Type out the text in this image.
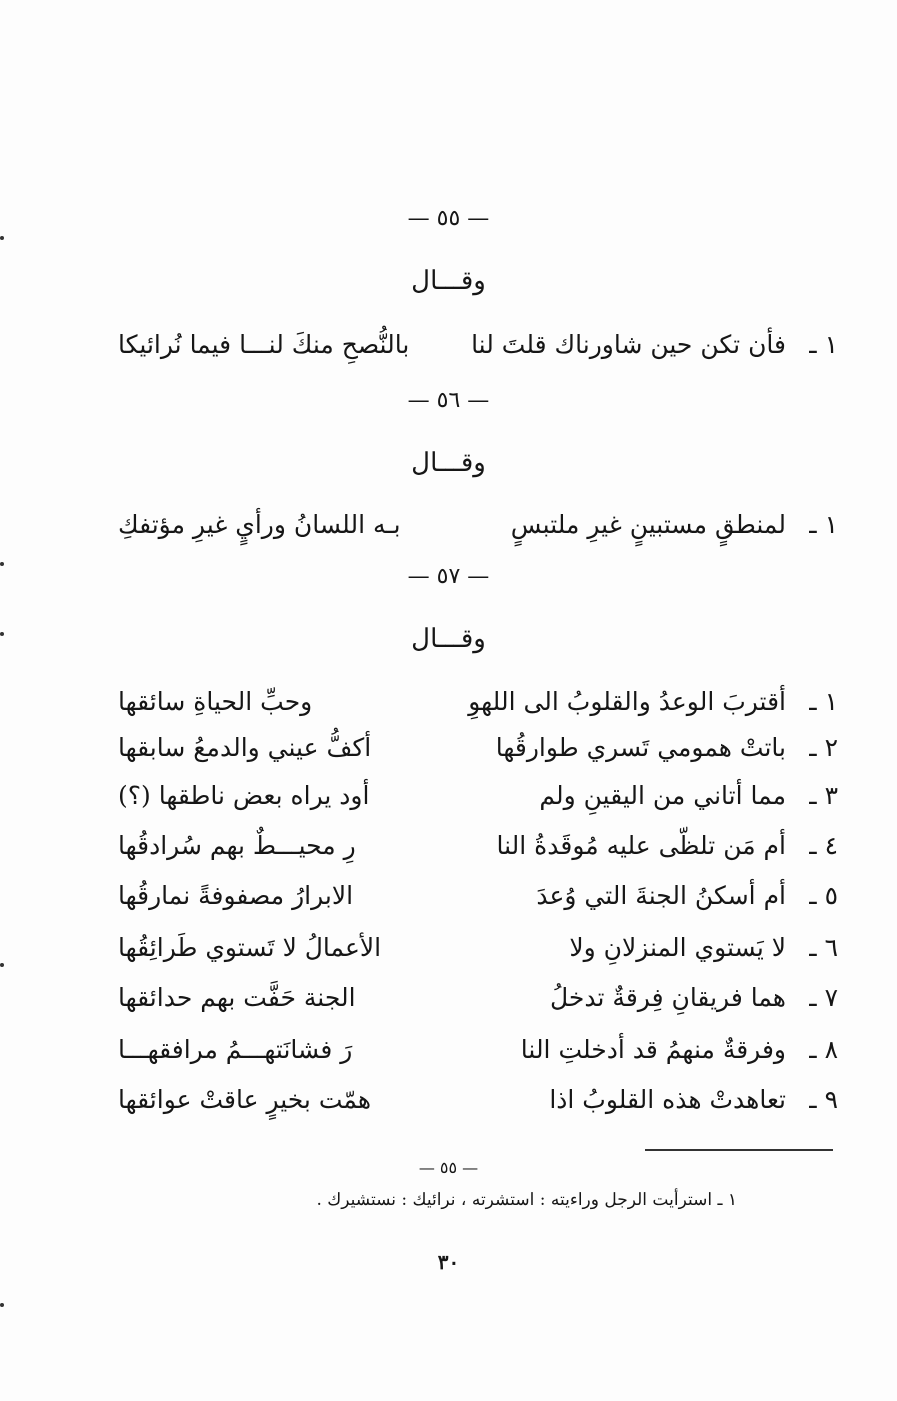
— ٥٥ —
وقـــال
١ ـ
فأن تكن حين شاورناك قلتَ لنا
بالنُّصحِ منكَ لنـــا فيما نُرائيكا
— ٥٦ —
وقـــال
١ ـ
لمنطقٍ مستبينٍ غيرِ ملتبسٍ
بـه اللسانُ ورأيٍ غيرِ مؤتفكِ
— ٥٧ —
وقـــال
١ ـ
أقتربَ الوعدُ والقلوبُ الى اللهوِ
وحبِّ الحياةِ سائقها
٢ ـ
باتتْ همومي تَسري طوارقُها
أكفُّ عيني والدمعُ سابقها
٣ ـ
مما أتاني من اليقينِ ولم
أود يراه بعض ناطقها (؟)
٤ ـ
أم مَن تلظّى عليه مُوقَدةُ النا
رِ محيـــطٌ بهم سُرادقُها
٥ ـ
أم أسكنُ الجنةَ التي وُعدَ
الابرارُ مصفوفةً نمارقُها
٦ ـ
لا يَستوي المنزلانِ ولا
الأعمالُ لا تَستوي طَرائِقُها
٧ ـ
هما فريقانِ فِرقةٌ تدخلُ
الجنة حَفَّت بهم حدائقها
٨ ـ
وفرقةٌ منهمُ قد أدخلتِ النا
رَ فشانَتهـــمُ مرافقهـــا
٩ ـ
تعاهدتْ هذه القلوبُ اذا
همّت بخيرٍ عاقتْ عوائقها
— ٥٥ —
١ ـ استرأيت الرجل وراءيته : استشرته ، نرائيك : نستشيرك .
٣٠
